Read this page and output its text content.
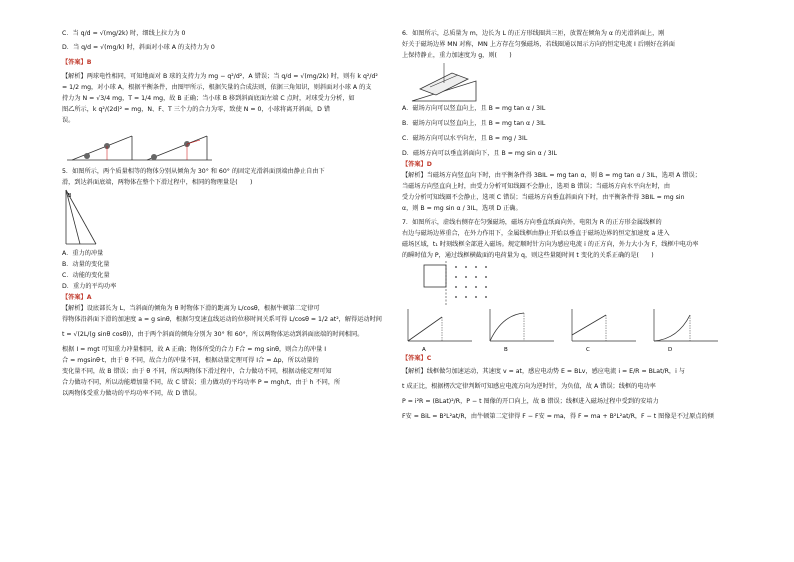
C．当 q/d = √(mg/2k) 时，细线上拉力为 0
D．当 q/d = √(mg/k) 时，斜面对小球 A 的支持力为 0
【答案】B
【解析】两球电性相同，可知地面对 B 球的支持力为 mg − q²/d²，A 错误；当 q/d = √(mg/2k) 时，则有 k q²/d²
= 1/2 mg，对小球 A，根据平衡条件，由图甲所示，根据矢量的合成法则，依据三角知识，则斜面对小球 A 的支
持力为 N = √3/4 mg，T = 1/4 mg，故 B 正确；当小球 B 移到斜面底面左端 C 点时，对球受力分析，如
图乙所示，k q²/(2d)² = mg，N、F、T 三个力的合力为零，致使 N = 0，小球将离开斜面，D 错
误。
5．如图所示，两个质量相等的物体分别从倾角为 30° 和 60° 的固定光滑斜面顶端由静止自由下
滑，到达斜面底端，两物体在整个下滑过程中，相同的物理量是(　　)
B
A．重力的冲量
B．动量的变化量
C．动能的变化量
D．重力的平均功率
【答案】A
【解析】设底部长为 L，当斜面的倾角为 θ 时物体下滑的距离为 L/cosθ，根据牛顿第二定律可
得物体沿斜面下滑的加速度 a = g sinθ，根据匀变速直线运动的位移时间关系可得 L/cosθ = 1/2 at²，解得运动时间
t = √(2L/(g sinθ cosθ))，由于两个斜面的倾角分别为 30° 和 60°，所以两物体运动到斜面底端的时间相同。
根据 I = mgt 可知重力冲量相同，故 A 正确；物体所受的合力 F合 = mg sinθ，则合力的冲量 I
合 = mgsinθ·t，由于 θ 不同，故合力的冲量不同，根据动量定理可得 I合 = Δp，所以动量的
变化量不同，故 B 错误；由于 θ 不同，所以两物体下滑过程中，合力做功不同，根据动能定理可知
合力做功不同，所以动能增加量不同，故 C 错误；重力做功的平均功率 P = mgh/t，由于 h 不同，所
以两物体受重力做功的平均功率不同，故 D 错误。
6．如图所示，总质量为 m，边长为 L 的正方形线圈共三匝，放置在倾角为 α 的光滑斜面上，刚
好关于磁场边界 MN 对称，MN 上方存在匀强磁场，若线圈通以图示方向的恒定电流 I 后刚好在斜面
上保持静止，重力加速度为 g，则(　　)
A．磁场方向可以竖直向上，且 B = mg tan α / 3IL
B．磁场方向可以竖直向上，且 B = mg tan α / 3IL
C．磁场方向可以水平向左，且 B = mg / 3IL
D．磁场方向可以垂直斜面向下，且 B = mg sin α / 3IL
【答案】D
【解析】当磁场方向竖直向下时，由平衡条件得 3BIL = mg tan α，则 B = mg tan α / 3IL，选项 A 错误；
当磁场方向竖直向上时，由受力分析可知线圈不会静止，选项 B 错误；当磁场方向水平向左时，由
受力分析可知线圈不会静止，选项 C 错误；当磁场方向垂直斜面向下时，由平衡条件得 3BIL = mg sin
α，则 B = mg sin α / 3IL，选项 D 正确。
7．如图所示，虚线右侧存在匀强磁场，磁场方向垂直纸面向外，电阻为 R 的正方形金属线框的
右边与磁场边界重合，在外力作用下，金属线框由静止开始以垂直于磁场边界的恒定加速度 a 进入
磁场区域，t₁ 时刻线框全部进入磁场。规定顺时针方向为感应电流 i 的正方向，外力大小为 F，线框中电功率
的瞬时值为 P，通过线框横截面的电荷量为 q，则这些量随时间 t 变化的关系正确的是(　　)
A	B	C	D
【答案】C
【解析】线框做匀加速运动，其速度 v = at，感应电动势 E = BLv，感应电流 i = E/R = BLat/R，i 与
t 成正比，根据楞次定律判断可知感应电流方向为逆时针，为负值，故 A 错误；线框的电功率
P = i²R = (BLat)²/R，P − t 图像的开口向上，故 B 错误；线框进入磁场过程中受到的安培力
F安 = BiL = B²L²at/R，由牛顿第二定律得 F − F安 = ma，得 F = ma + B²L²at/R，F − t 图像是不过原点的倾
